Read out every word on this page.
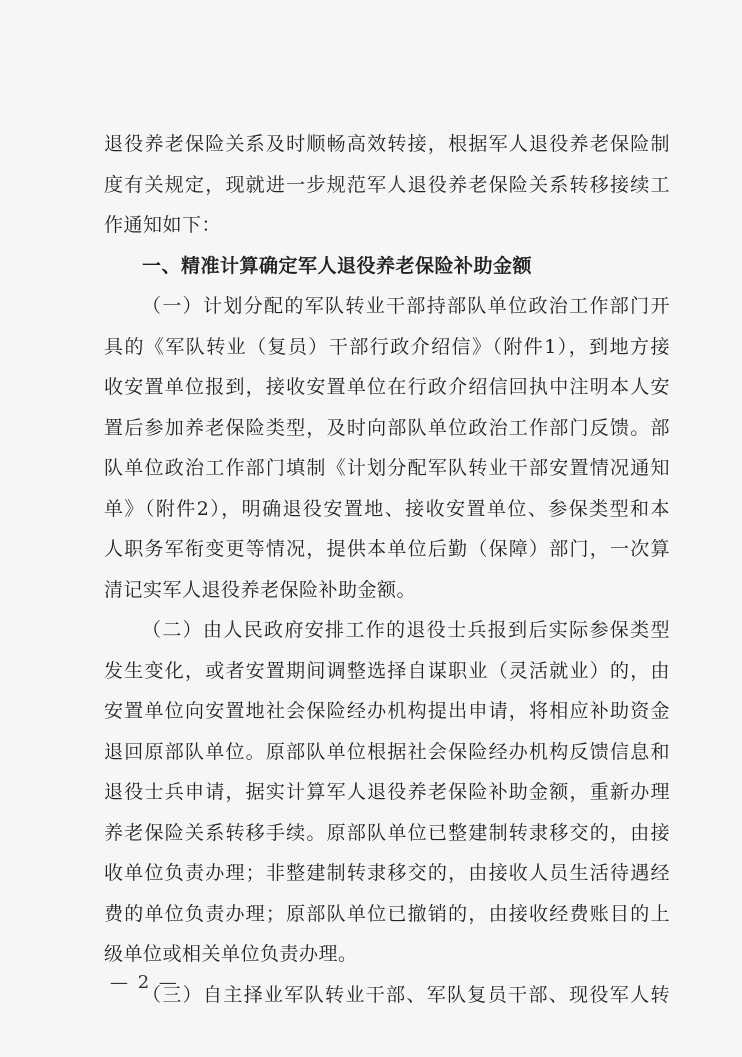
退役养老保险关系及时顺畅高效转接，根据军人退役养老保险制
度有关规定，现就进一步规范军人退役养老保险关系转移接续工
作通知如下：
一、精准计算确定军人退役养老保险补助金额
（一）计划分配的军队转业干部持部队单位政治工作部门开
具的《军队转业（复员）干部行政介绍信》（附件1），到地方接
收安置单位报到，接收安置单位在行政介绍信回执中注明本人安
置后参加养老保险类型，及时向部队单位政治工作部门反馈。部
队单位政治工作部门填制《计划分配军队转业干部安置情况通知
单》（附件2），明确退役安置地、接收安置单位、参保类型和本
人职务军衔变更等情况，提供本单位后勤（保障）部门，一次算
清记实军人退役养老保险补助金额。
（二）由人民政府安排工作的退役士兵报到后实际参保类型
发生变化，或者安置期间调整选择自谋职业（灵活就业）的，由
安置单位向安置地社会保险经办机构提出申请，将相应补助资金
退回原部队单位。原部队单位根据社会保险经办机构反馈信息和
退役士兵申请，据实计算军人退役养老保险补助金额，重新办理
养老保险关系转移手续。原部队单位已整建制转隶移交的，由接
收单位负责办理；非整建制转隶移交的，由接收人员生活待遇经
费的单位负责办理；原部队单位已撤销的，由接收经费账目的上
级单位或相关单位负责办理。
（三）自主择业军队转业干部、军队复员干部、现役军人转
— 2 —
